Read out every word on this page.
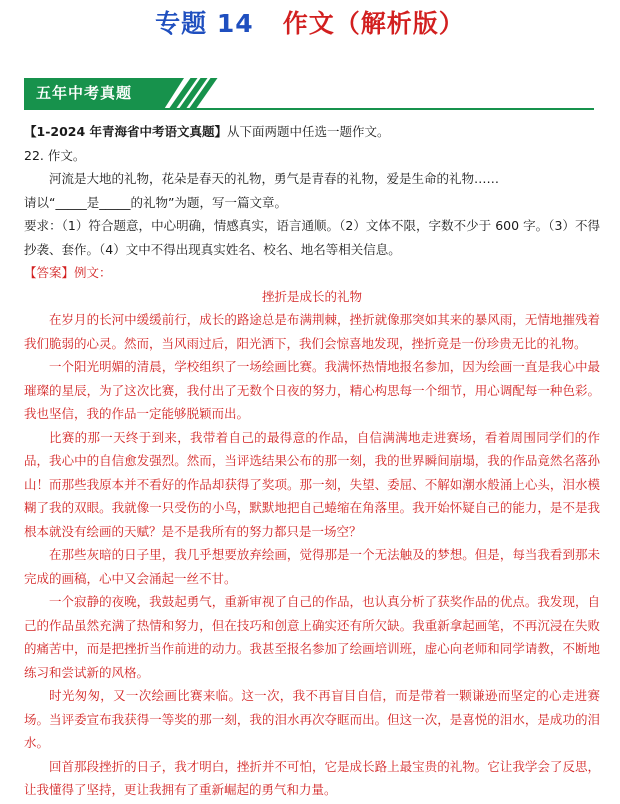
专题 14 作文（解析版）
五年中考真题

【1-2024 年青海省中考语文真题】从下面两题中任选一题作文。

22. 作文。

河流是大地的礼物，花朵是春天的礼物，勇气是青春的礼物，爱是生命的礼物……

请以“_____是_____的礼物”为题，写一篇文章。

要求：（1）符合题意，中心明确，情感真实，语言通顺。（2）文体不限，字数不少于 600 字。（3）不得抄袭、套作。（4）文中不得出现真实姓名、校名、地名等相关信息。

【答案】例文：

挫折是成长的礼物

在岁月的长河中缓缓前行，成长的路途总是布满荆棘，挫折就像那突如其来的暴风雨，无情地摧残着我们脆弱的心灵。然而，当风雨过后，阳光洒下，我们会惊喜地发现，挫折竟是一份珍贵无比的礼物。

一个阳光明媚的清晨，学校组织了一场绘画比赛。我满怀热情地报名参加，因为绘画一直是我心中最璀璨的星辰，为了这次比赛，我付出了无数个日夜的努力，精心构思每一个细节，用心调配每一种色彩。我也坚信，我的作品一定能够脱颖而出。

比赛的那一天终于到来，我带着自己的最得意的作品，自信满满地走进赛场，看着周围同学们的作品，我心中的自信愈发强烈。然而，当评选结果公布的那一刻，我的世界瞬间崩塌，我的作品竟然名落孙山！而那些我原本并不看好的作品却获得了奖项。那一刻，失望、委屈、不解如潮水般涌上心头，泪水模糊了我的双眼。我就像一只受伤的小鸟，默默地把自己蜷缩在角落里。我开始怀疑自己的能力，是不是我根本就没有绘画的天赋？是不是我所有的努力都只是一场空？

在那些灰暗的日子里，我几乎想要放弃绘画，觉得那是一个无法触及的梦想。但是，每当我看到那未完成的画稿，心中又会涌起一丝不甘。

一个寂静的夜晚，我鼓起勇气，重新审视了自己的作品，也认真分析了获奖作品的优点。我发现，自己的作品虽然充满了热情和努力，但在技巧和创意上确实还有所欠缺。我重新拿起画笔，不再沉浸在失败的痛苦中，而是把挫折当作前进的动力。我甚至报名参加了绘画培训班，虚心向老师和同学请教，不断地练习和尝试新的风格。

时光匆匆，又一次绘画比赛来临。这一次，我不再盲目自信，而是带着一颗谦逊而坚定的心走进赛场。当评委宣布我获得一等奖的那一刻，我的泪水再次夺眶而出。但这一次，是喜悦的泪水，是成功的泪水。

回首那段挫折的日子，我才明白，挫折并不可怕，它是成长路上最宝贵的礼物。它让我学会了反思，让我懂得了坚持，更让我拥有了重新崛起的勇气和力量。
